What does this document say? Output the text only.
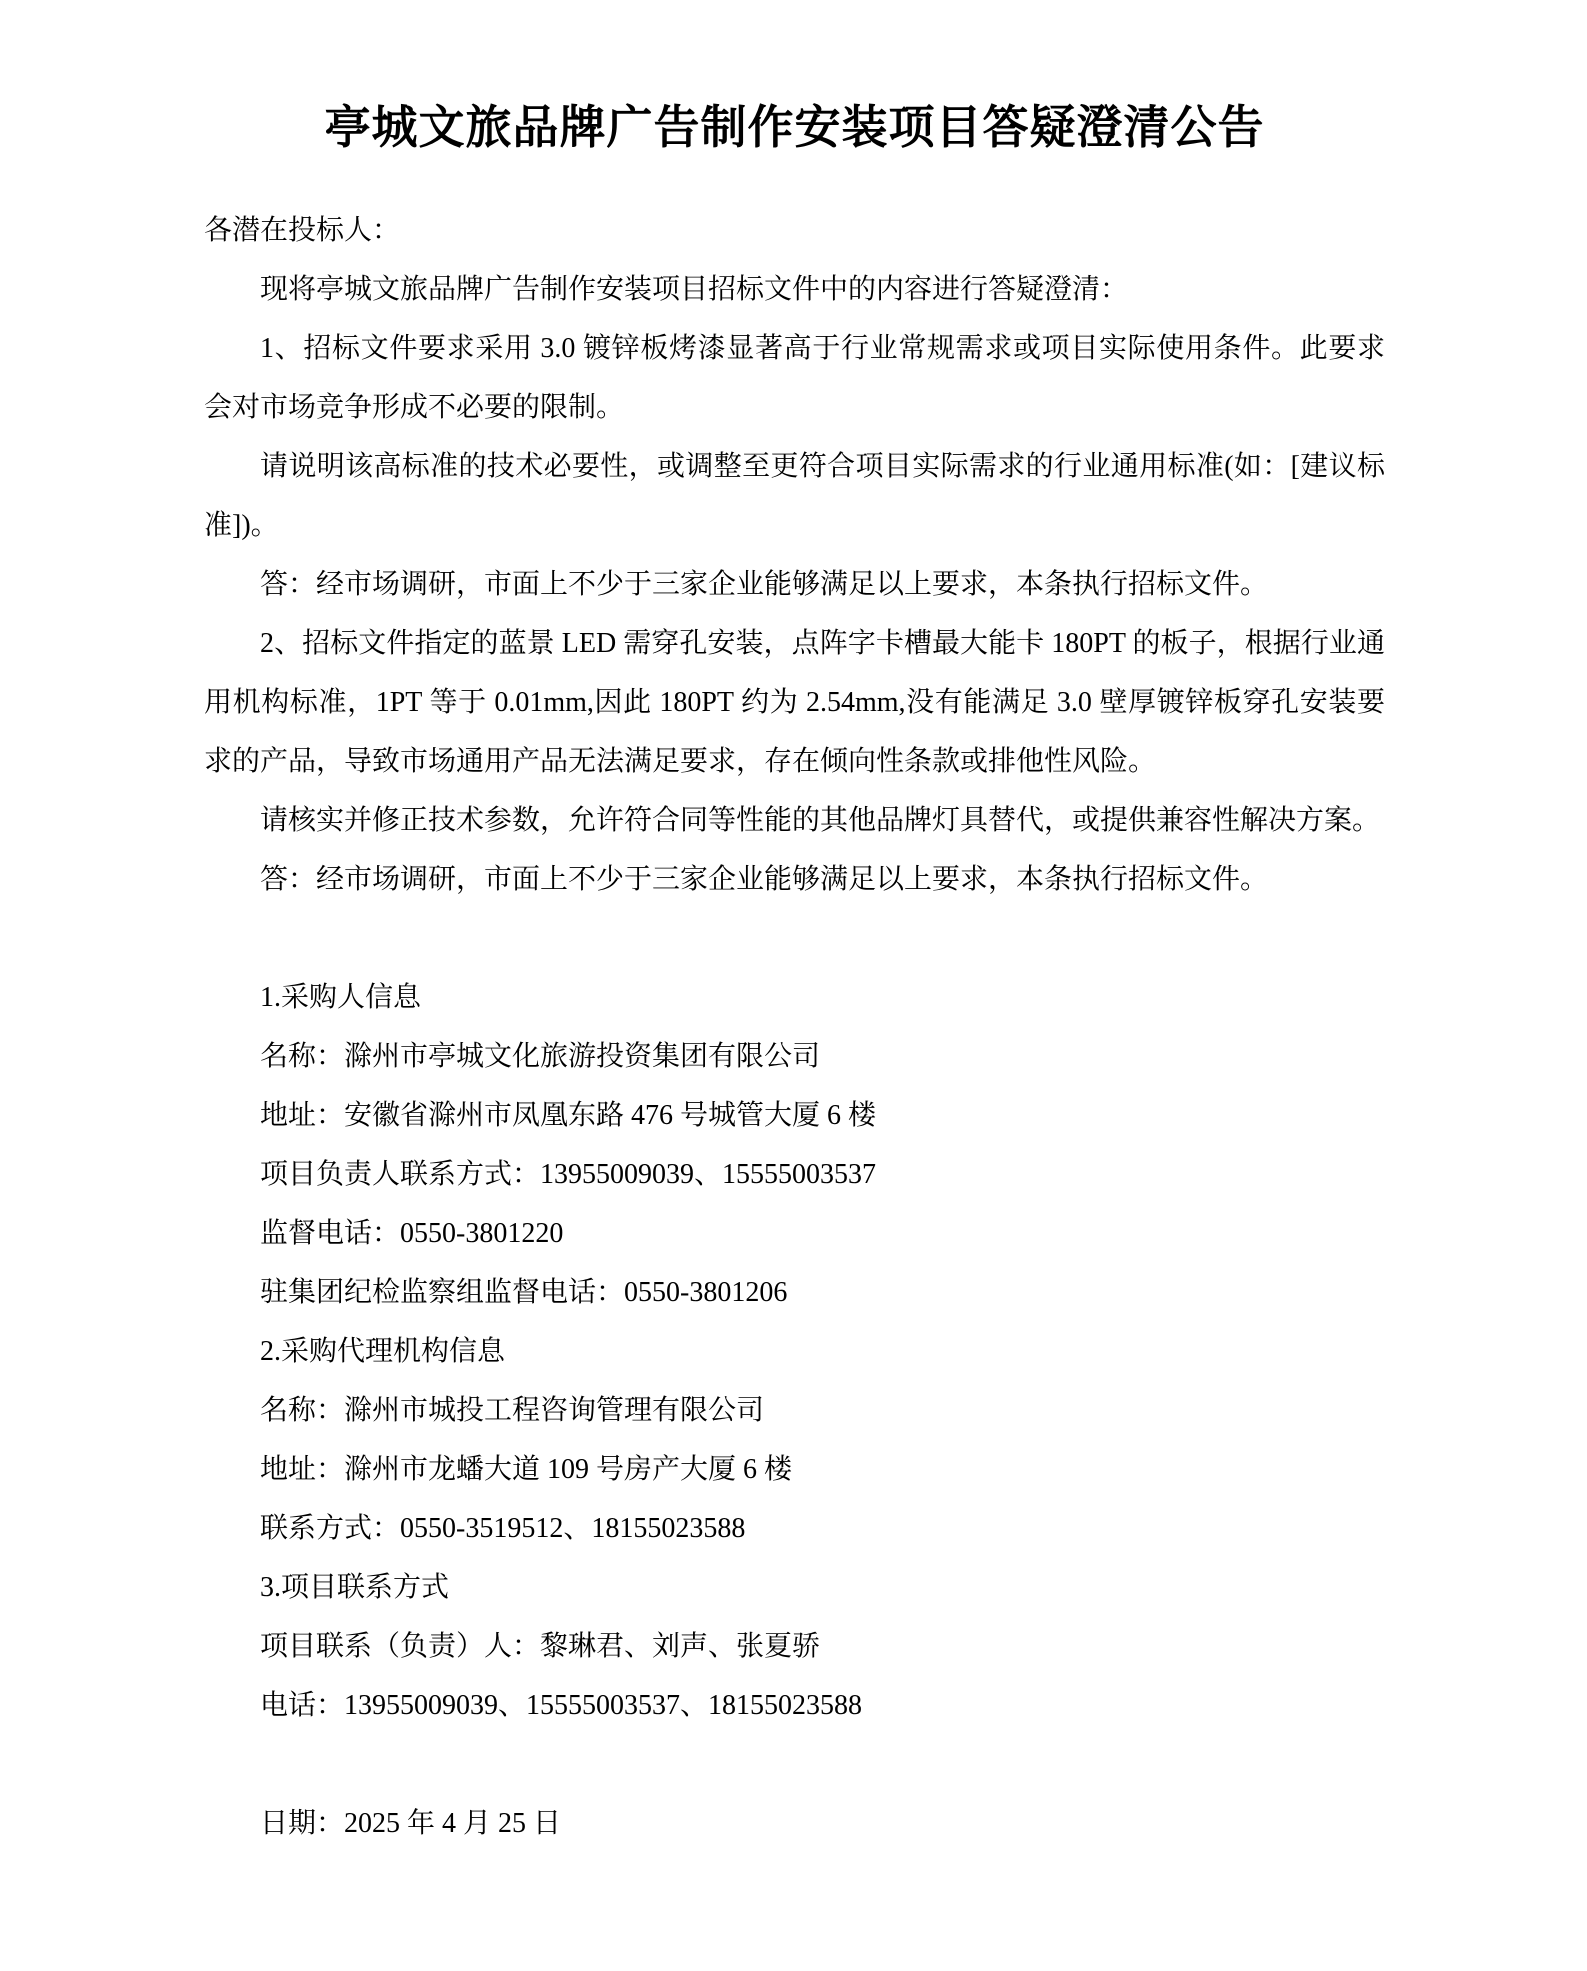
亭城文旅品牌广告制作安装项目答疑澄清公告

各潜在投标人：

现将亭城文旅品牌广告制作安装项目招标文件中的内容进行答疑澄清：

1、招标文件要求采用 3.0 镀锌板烤漆显著高于行业常规需求或项目实际使用条件。此要求会对市场竞争形成不必要的限制。

请说明该高标准的技术必要性，或调整至更符合项目实际需求的行业通用标准(如：[建议标准])。

答：经市场调研，市面上不少于三家企业能够满足以上要求，本条执行招标文件。

2、招标文件指定的蓝景 LED 需穿孔安装，点阵字卡槽最大能卡 180PT 的板子，根据行业通用机构标准，1PT 等于 0.01mm,因此 180PT 约为 2.54mm,没有能满足 3.0 壁厚镀锌板穿孔安装要求的产品，导致市场通用产品无法满足要求，存在倾向性条款或排他性风险。

请核实并修正技术参数，允许符合同等性能的其他品牌灯具替代，或提供兼容性解决方案。

答：经市场调研，市面上不少于三家企业能够满足以上要求，本条执行招标文件。

1.采购人信息

名称：滁州市亭城文化旅游投资集团有限公司

地址：安徽省滁州市凤凰东路 476 号城管大厦 6 楼

项目负责人联系方式：13955009039、15555003537

监督电话：0550-3801220

驻集团纪检监察组监督电话：0550-3801206

2.采购代理机构信息

名称：滁州市城投工程咨询管理有限公司

地址：滁州市龙蟠大道 109 号房产大厦 6 楼

联系方式：0550-3519512、18155023588

3.项目联系方式

项目联系（负责）人：黎琳君、刘声、张夏骄

电话：13955009039、15555003537、18155023588

日期：2025 年 4 月 25 日
